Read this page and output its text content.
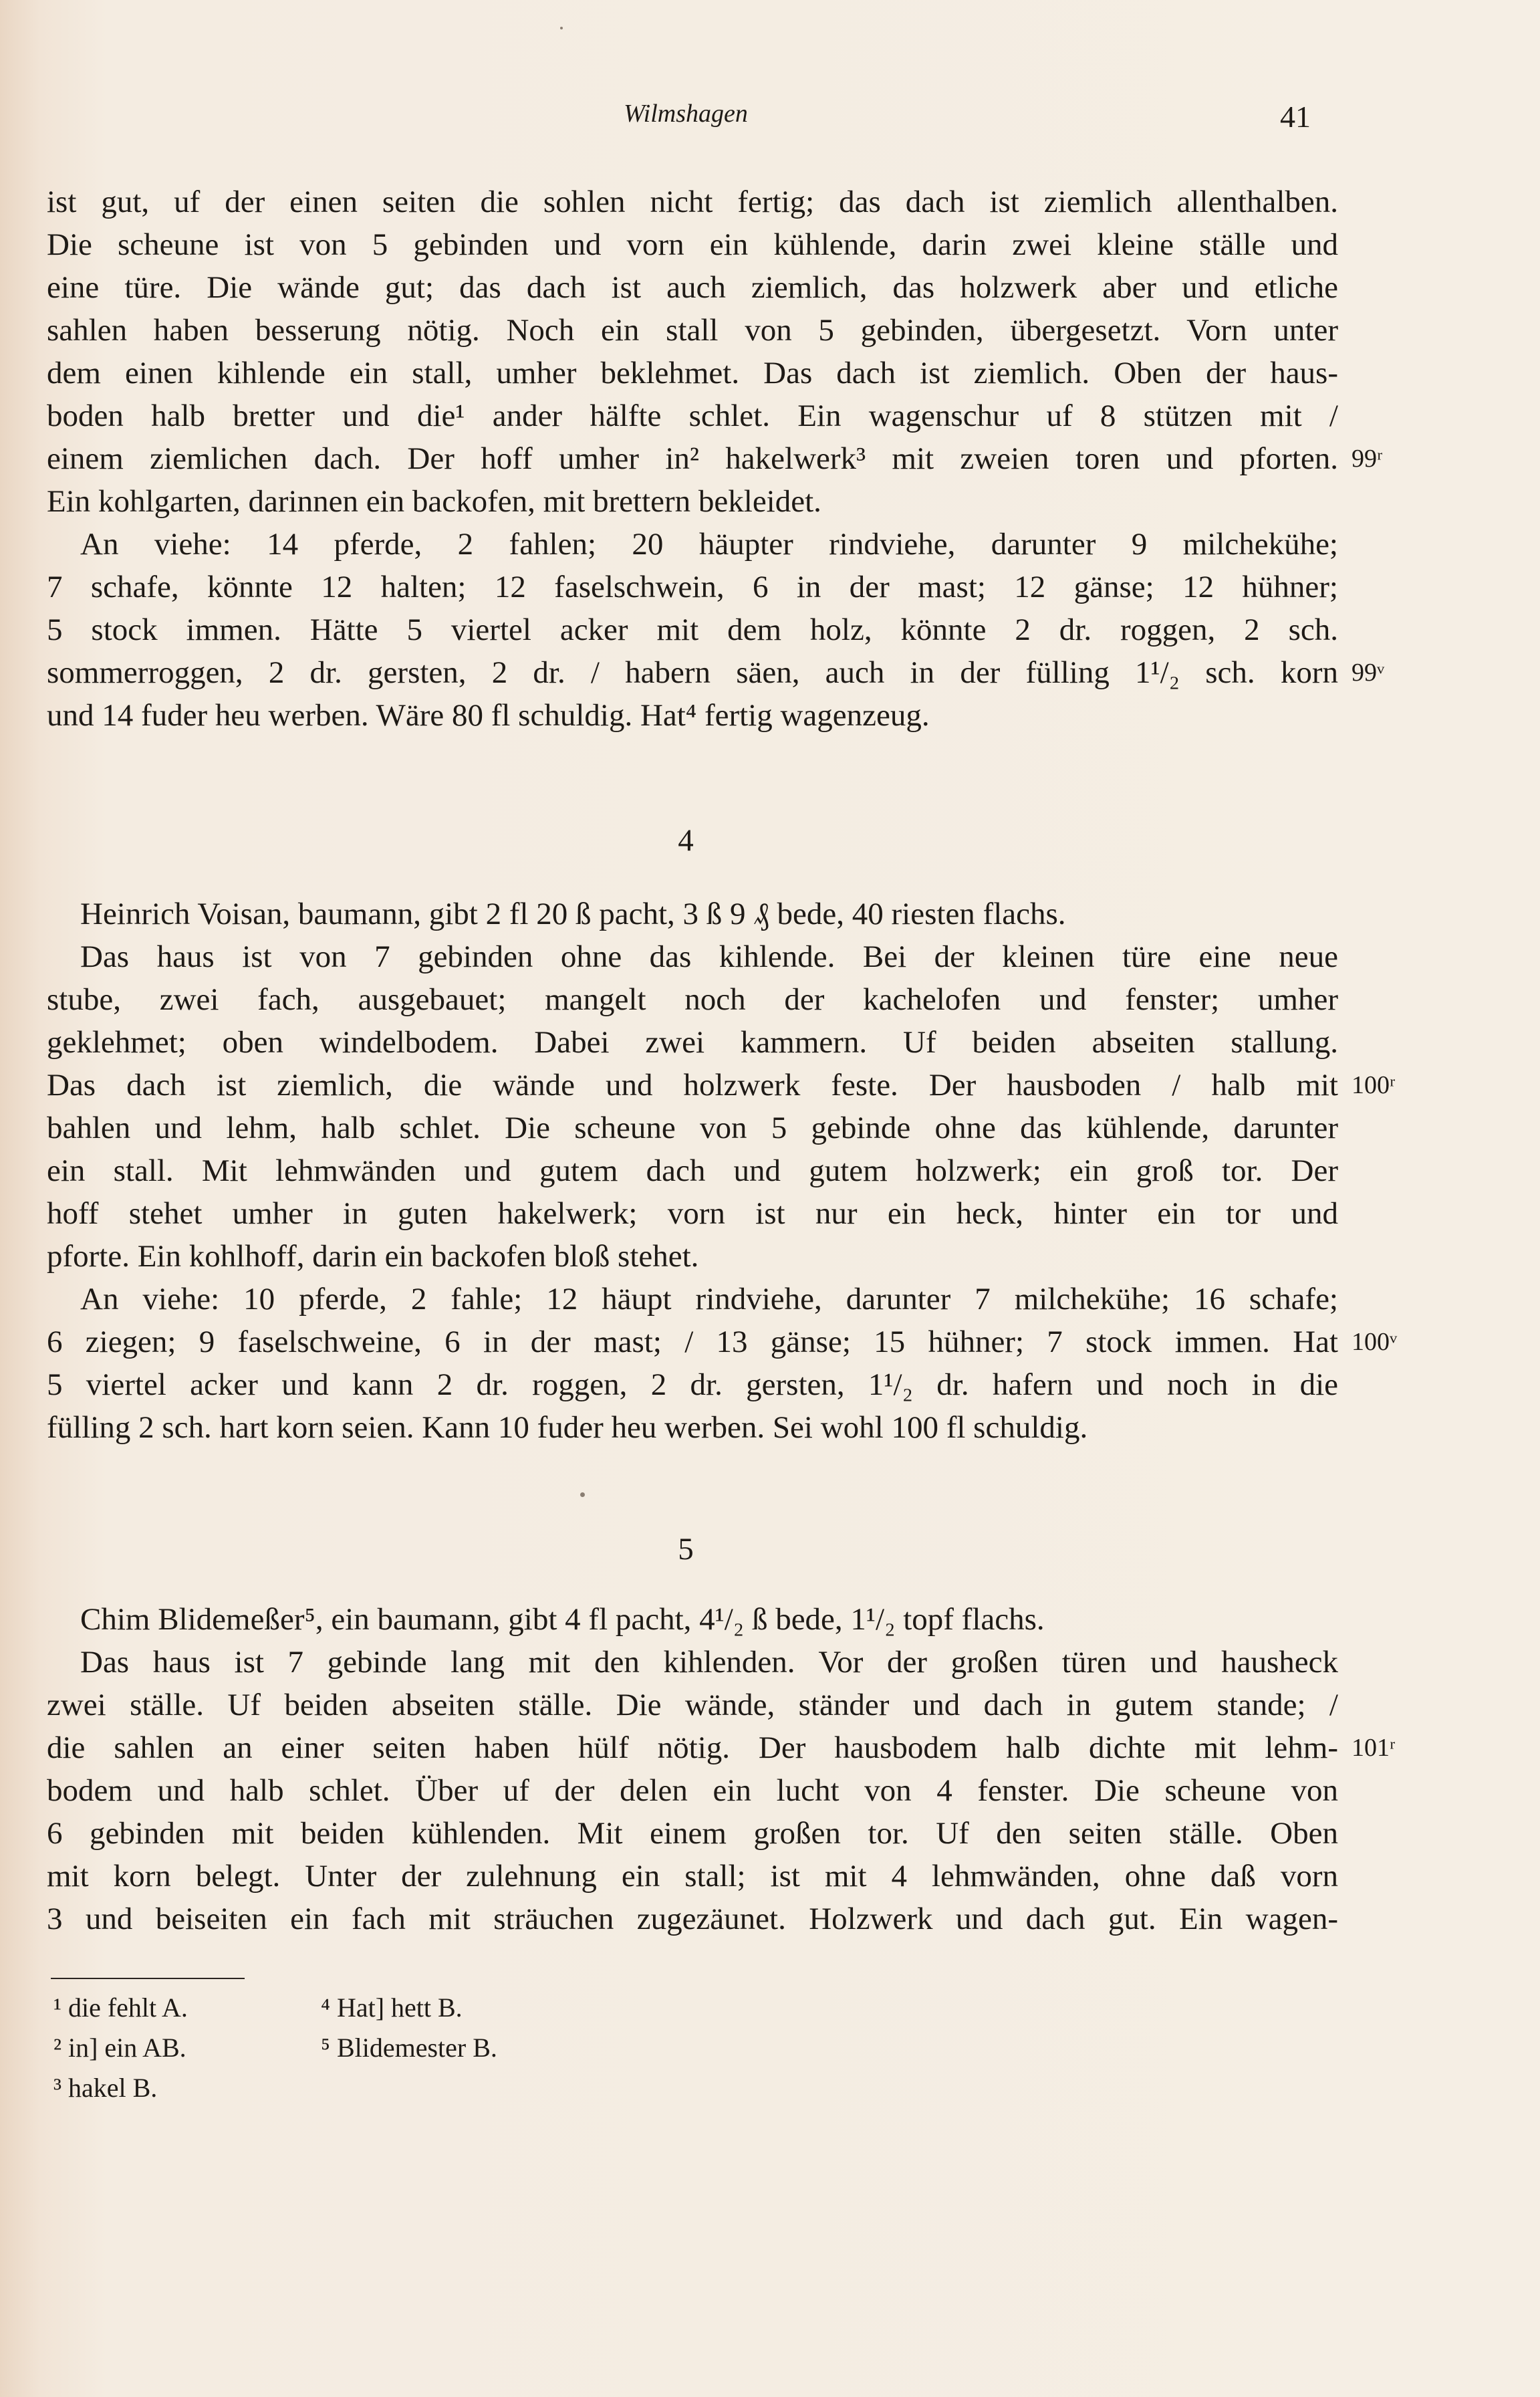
Wilmshagen	41
ist gut, uf der einen seiten die sohlen nicht fertig; das dach ist ziemlich allenthalben.
Die scheune ist von 5 gebinden und vorn ein kühlende, darin zwei kleine ställe und
eine türe. Die wände gut; das dach ist auch ziemlich, das holzwerk aber und etliche
sahlen haben besserung nötig. Noch ein stall von 5 gebinden, übergesetzt. Vorn unter
dem einen kihlende ein stall, umher beklehmet. Das dach ist ziemlich. Oben der haus-
boden halb bretter und die¹ ander hälfte schlet. Ein wagenschur uf 8 stützen mit /
einem ziemlichen dach. Der hoff umher in² hakelwerk³ mit zweien toren und pforten. 99ʳ
Ein kohlgarten, darinnen ein backofen, mit brettern bekleidet.
An viehe: 14 pferde, 2 fahlen; 20 häupter rindviehe, darunter 9 milchekühe;
7 schafe, könnte 12 halten; 12 faselschwein, 6 in der mast; 12 gänse; 12 hühner;
5 stock immen. Hätte 5 viertel acker mit dem holz, könnte 2 dr. roggen, 2 sch.
sommerroggen, 2 dr. gersten, 2 dr. / habern säen, auch in der fülling 1¹/₂ sch. korn 99ᵛ
und 14 fuder heu werben. Wäre 80 fl schuldig. Hat⁴ fertig wagenzeug.
4
Heinrich Voisan, baumann, gibt 2 fl 20 ß pacht, 3 ß 9 ₰ bede, 40 riesten flachs.
Das haus ist von 7 gebinden ohne das kihlende. Bei der kleinen türe eine neue
stube, zwei fach, ausgebauet; mangelt noch der kachelofen und fenster; umher
geklehmet; oben windelbodem. Dabei zwei kammern. Uf beiden abseiten stallung.
Das dach ist ziemlich, die wände und holzwerk feste. Der hausboden / halb mit 100ʳ
bahlen und lehm, halb schlet. Die scheune von 5 gebinde ohne das kühlende, darunter
ein stall. Mit lehmwänden und gutem dach und gutem holzwerk; ein groß tor. Der
hoff stehet umher in guten hakelwerk; vorn ist nur ein heck, hinter ein tor und
pforte. Ein kohlhoff, darin ein backofen bloß stehet.
An viehe: 10 pferde, 2 fahle; 12 häupt rindviehe, darunter 7 milchekühe; 16 schafe;
6 ziegen; 9 faselschweine, 6 in der mast; / 13 gänse; 15 hühner; 7 stock immen. Hat 100ᵛ
5 viertel acker und kann 2 dr. roggen, 2 dr. gersten, 1¹/₂ dr. hafern und noch in die
fülling 2 sch. hart korn seien. Kann 10 fuder heu werben. Sei wohl 100 fl schuldig.
5
Chim Blidemeßer⁵, ein baumann, gibt 4 fl pacht, 4¹/₂ ß bede, 1¹/₂ topf flachs.
Das haus ist 7 gebinde lang mit den kihlenden. Vor der großen türen und hausheck
zwei ställe. Uf beiden abseiten ställe. Die wände, ständer und dach in gutem stande; /
die sahlen an einer seiten haben hülf nötig. Der hausbodem halb dichte mit lehm- 101ʳ
bodem und halb schlet. Über uf der delen ein lucht von 4 fenster. Die scheune von
6 gebinden mit beiden kühlenden. Mit einem großen tor. Uf den seiten ställe. Oben
mit korn belegt. Unter der zulehnung ein stall; ist mit 4 lehmwänden, ohne daß vorn
3 und beiseiten ein fach mit sträuchen zugezäunet. Holzwerk und dach gut. Ein wagen-
¹ die fehlt A.
² in] ein AB.
³ hakel B.
⁴ Hat] hett B.
⁵ Blidemester B.
